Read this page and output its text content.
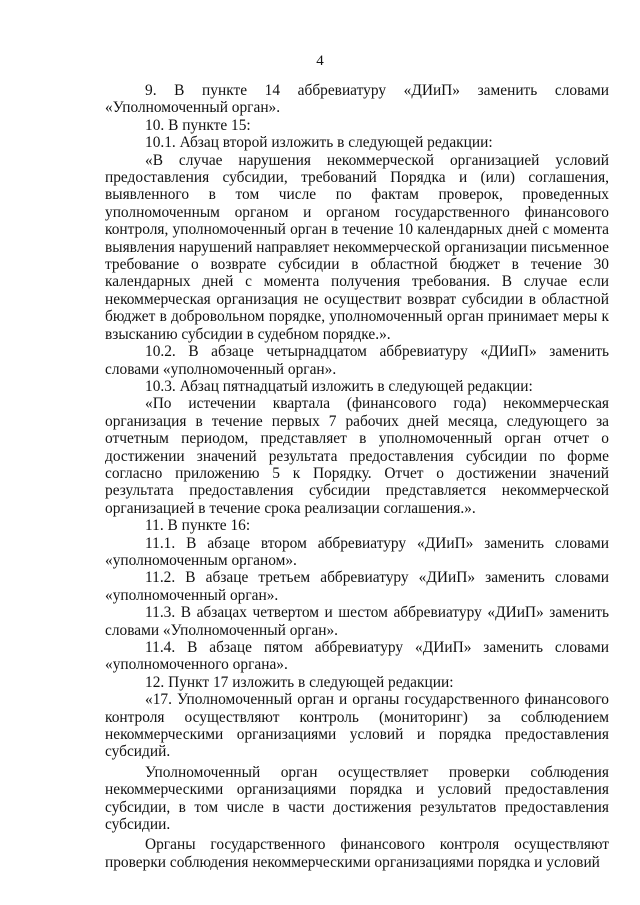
4

9. В пункте 14 аббревиатуру «ДИиП» заменить словами «Уполномоченный орган».

10. В пункте 15:

10.1. Абзац второй изложить в следующей редакции:

«В случае нарушения некоммерческой организацией условий предоставления субсидии, требований Порядка и (или) соглашения, выявленного в том числе по фактам проверок, проведенных уполномоченным органом и органом государственного финансового контроля, уполномоченный орган в течение 10 календарных дней с момента выявления нарушений направляет некоммерческой организации письменное требование о возврате субсидии в областной бюджет в течение 30 календарных дней с момента получения требования. В случае если некоммерческая организация не осуществит возврат субсидии в областной бюджет в добровольном порядке, уполномоченный орган принимает меры к взысканию субсидии в судебном порядке.».

10.2. В абзаце четырнадцатом аббревиатуру «ДИиП» заменить словами «уполномоченный орган».

10.3. Абзац пятнадцатый изложить в следующей редакции:

«По истечении квартала (финансового года) некоммерческая организация в течение первых 7 рабочих дней месяца, следующего за отчетным периодом, представляет в уполномоченный орган отчет о достижении значений результата предоставления субсидии по форме согласно приложению 5 к Порядку. Отчет о достижении значений результата предоставления субсидии представляется некоммерческой организацией в течение срока реализации соглашения.».

11. В пункте 16:

11.1. В абзаце втором аббревиатуру «ДИиП» заменить словами «уполномоченным органом».

11.2. В абзаце третьем аббревиатуру «ДИиП» заменить словами «уполномоченный орган».

11.3. В абзацах четвертом и шестом аббревиатуру «ДИиП» заменить словами «Уполномоченный орган».

11.4. В абзаце пятом аббревиатуру «ДИиП» заменить словами «уполномоченного органа».

12. Пункт 17 изложить в следующей редакции:

«17. Уполномоченный орган и органы государственного финансового контроля осуществляют контроль (мониторинг) за соблюдением некоммерческими организациями условий и порядка предоставления субсидий.

Уполномоченный орган осуществляет проверки соблюдения некоммерческими организациями порядка и условий предоставления субсидии, в том числе в части достижения результатов предоставления субсидии.

Органы государственного финансового контроля осуществляют проверки соблюдения некоммерческими организациями порядка и условий
